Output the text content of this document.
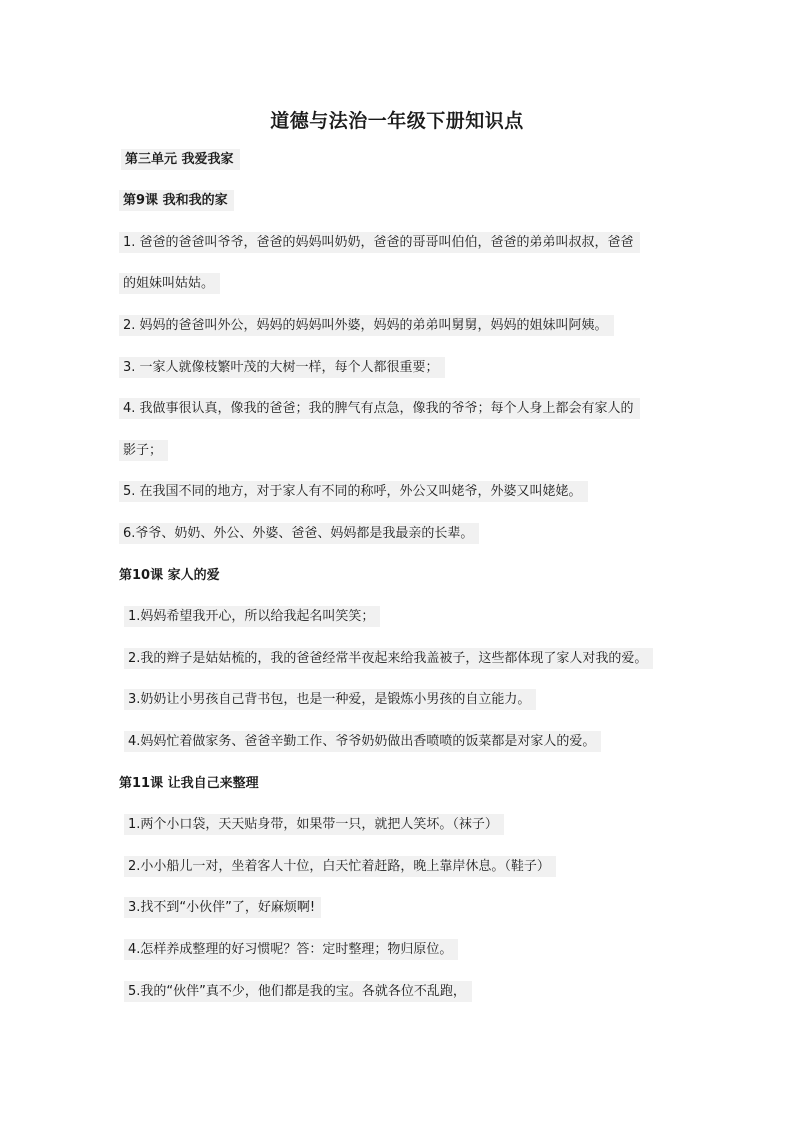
道德与法治一年级下册知识点
第三单元 我爱我家
第9课 我和我的家
1. 爸爸的爸爸叫爷爷，爸爸的妈妈叫奶奶，爸爸的哥哥叫伯伯，爸爸的弟弟叫叔叔，爸爸
的姐妹叫姑姑。
2. 妈妈的爸爸叫外公，妈妈的妈妈叫外婆，妈妈的弟弟叫舅舅，妈妈的姐妹叫阿姨。
3. 一家人就像枝繁叶茂的大树一样，每个人都很重要；
4. 我做事很认真，像我的爸爸；我的脾气有点急，像我的爷爷；每个人身上都会有家人的
影子；
5. 在我国不同的地方，对于家人有不同的称呼，外公又叫姥爷，外婆又叫姥姥。
6.爷爷、奶奶、外公、外婆、爸爸、妈妈都是我最亲的长辈。
第10课 家人的爱
1.妈妈希望我开心，所以给我起名叫笑笑；
2.我的辫子是姑姑梳的，我的爸爸经常半夜起来给我盖被子，这些都体现了家人对我的爱。
3.奶奶让小男孩自己背书包，也是一种爱，是锻炼小男孩的自立能力。
4.妈妈忙着做家务、爸爸辛勤工作、爷爷奶奶做出香喷喷的饭菜都是对家人的爱。
第11课 让我自己来整理
1.两个小口袋，天天贴身带，如果带一只，就把人笑坏。（袜子）
2.小小船儿一对，坐着客人十位，白天忙着赶路，晚上靠岸休息。（鞋子）
3.找不到“小伙伴”了，好麻烦啊!
4.怎样养成整理的好习惯呢？答：定时整理；物归原位。
5.我的“伙伴”真不少，他们都是我的宝。各就各位不乱跑，
